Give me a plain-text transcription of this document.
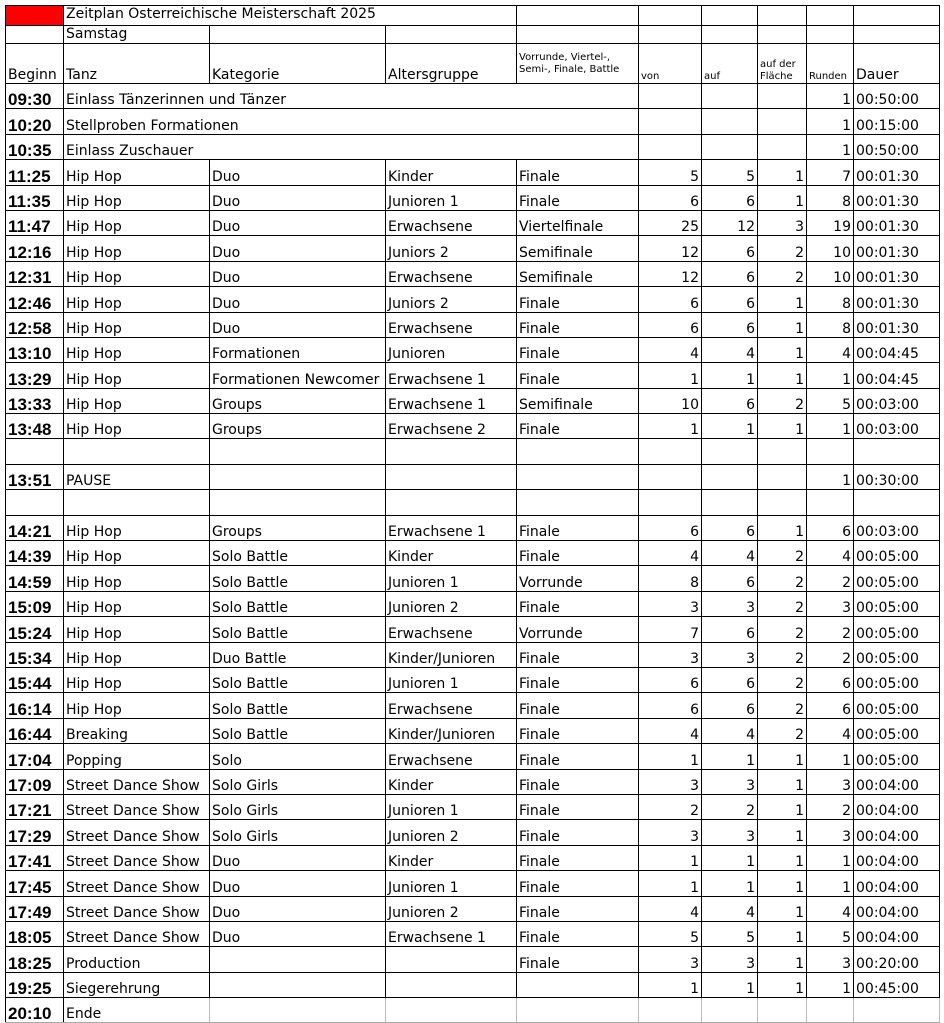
	Zeitplan Osterreichische Meisterschaft 2025								
	Samstag								
Beginn	Tanz	Kategorie	Altersgruppe	Vorrunde, Viertel-, Semi-, Finale, Battle	von	auf	auf der Fläche	Runden	Dauer
09:30	Einlass Tänzerinnen und Tänzer							1	00:50:00
10:20	Stellproben Formationen							1	00:15:00
10:35	Einlass Zuschauer							1	00:50:00
11:25	Hip Hop	Duo	Kinder	Finale	5	5	1	7	00:01:30
11:35	Hip Hop	Duo	Junioren 1	Finale	6	6	1	8	00:01:30
11:47	Hip Hop	Duo	Erwachsene	Viertelfinale	25	12	3	19	00:01:30
12:16	Hip Hop	Duo	Juniors 2	Semifinale	12	6	2	10	00:01:30
12:31	Hip Hop	Duo	Erwachsene	Semifinale	12	6	2	10	00:01:30
12:46	Hip Hop	Duo	Juniors 2	Finale	6	6	1	8	00:01:30
12:58	Hip Hop	Duo	Erwachsene	Finale	6	6	1	8	00:01:30
13:10	Hip Hop	Formationen	Junioren	Finale	4	4	1	4	00:04:45
13:29	Hip Hop	Formationen Newcomer	Erwachsene 1	Finale	1	1	1	1	00:04:45
13:33	Hip Hop	Groups	Erwachsene 1	Semifinale	10	6	2	5	00:03:00
13:48	Hip Hop	Groups	Erwachsene 2	Finale	1	1	1	1	00:03:00

13:51	PAUSE							1	00:30:00

14:21	Hip Hop	Groups	Erwachsene 1	Finale	6	6	1	6	00:03:00
14:39	Hip Hop	Solo Battle	Kinder	Finale	4	4	2	4	00:05:00
14:59	Hip Hop	Solo Battle	Junioren 1	Vorrunde	8	6	2	2	00:05:00
15:09	Hip Hop	Solo Battle	Junioren 2	Finale	3	3	2	3	00:05:00
15:24	Hip Hop	Solo Battle	Erwachsene	Vorrunde	7	6	2	2	00:05:00
15:34	Hip Hop	Duo Battle	Kinder/Junioren	Finale	3	3	2	2	00:05:00
15:44	Hip Hop	Solo Battle	Junioren 1	Finale	6	6	2	6	00:05:00
16:14	Hip Hop	Solo Battle	Erwachsene	Finale	6	6	2	6	00:05:00
16:44	Breaking	Solo Battle	Kinder/Junioren	Finale	4	4	2	4	00:05:00
17:04	Popping	Solo	Erwachsene	Finale	1	1	1	1	00:05:00
17:09	Street Dance Show	Solo Girls	Kinder	Finale	3	3	1	3	00:04:00
17:21	Street Dance Show	Solo Girls	Junioren 1	Finale	2	2	1	2	00:04:00
17:29	Street Dance Show	Solo Girls	Junioren 2	Finale	3	3	1	3	00:04:00
17:41	Street Dance Show	Duo	Kinder	Finale	1	1	1	1	00:04:00
17:45	Street Dance Show	Duo	Junioren 1	Finale	1	1	1	1	00:04:00
17:49	Street Dance Show	Duo	Junioren 2	Finale	4	4	1	4	00:04:00
18:05	Street Dance Show	Duo	Erwachsene 1	Finale	5	5	1	5	00:04:00
18:25	Production			Finale	3	3	1	3	00:20:00
19:25	Siegerehrung				1	1	1	1	00:45:00
20:10	Ende								
